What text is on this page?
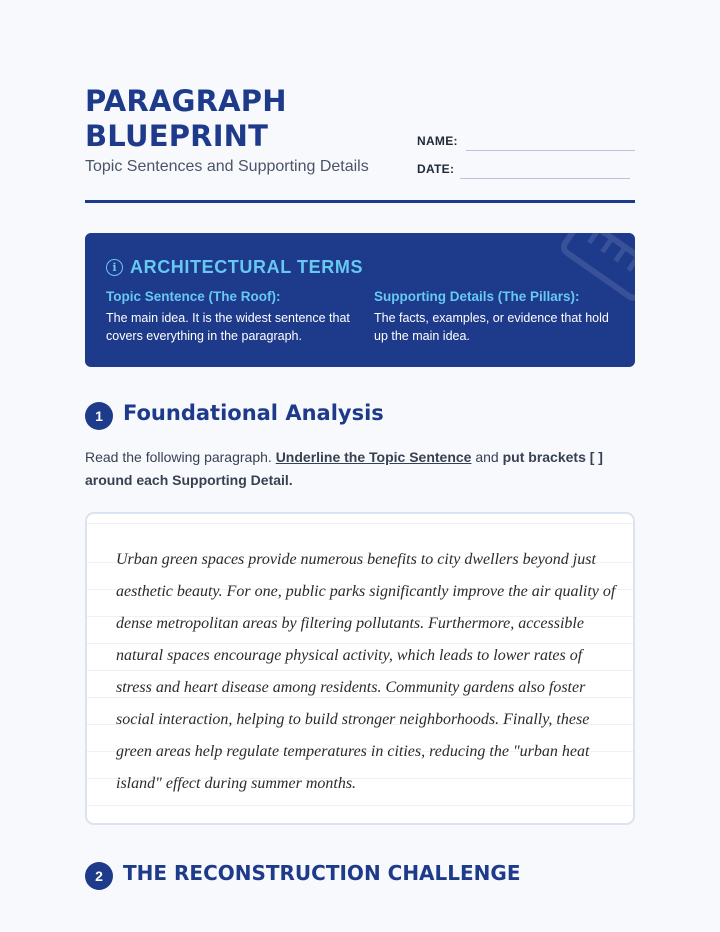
PARAGRAPH
BLUEPRINT
Topic Sentences and Supporting Details
NAME:
DATE:
i ARCHITECTURAL TERMS
Topic Sentence (The Roof):
The main idea. It is the widest sentence that covers everything in the paragraph.
Supporting Details (The Pillars):
The facts, examples, or evidence that hold up the main idea.
1 Foundational Analysis
Read the following paragraph. Underline the Topic Sentence and put brackets [ ] around each Supporting Detail.
Urban green spaces provide numerous benefits to city dwellers beyond just aesthetic beauty. For one, public parks significantly improve the air quality of dense metropolitan areas by filtering pollutants. Furthermore, accessible natural spaces encourage physical activity, which leads to lower rates of stress and heart disease among residents. Community gardens also foster social interaction, helping to build stronger neighborhoods. Finally, these green areas help regulate temperatures in cities, reducing the "urban heat island" effect during summer months.
2	THE RECONSTRUCTION CHALLENGE
